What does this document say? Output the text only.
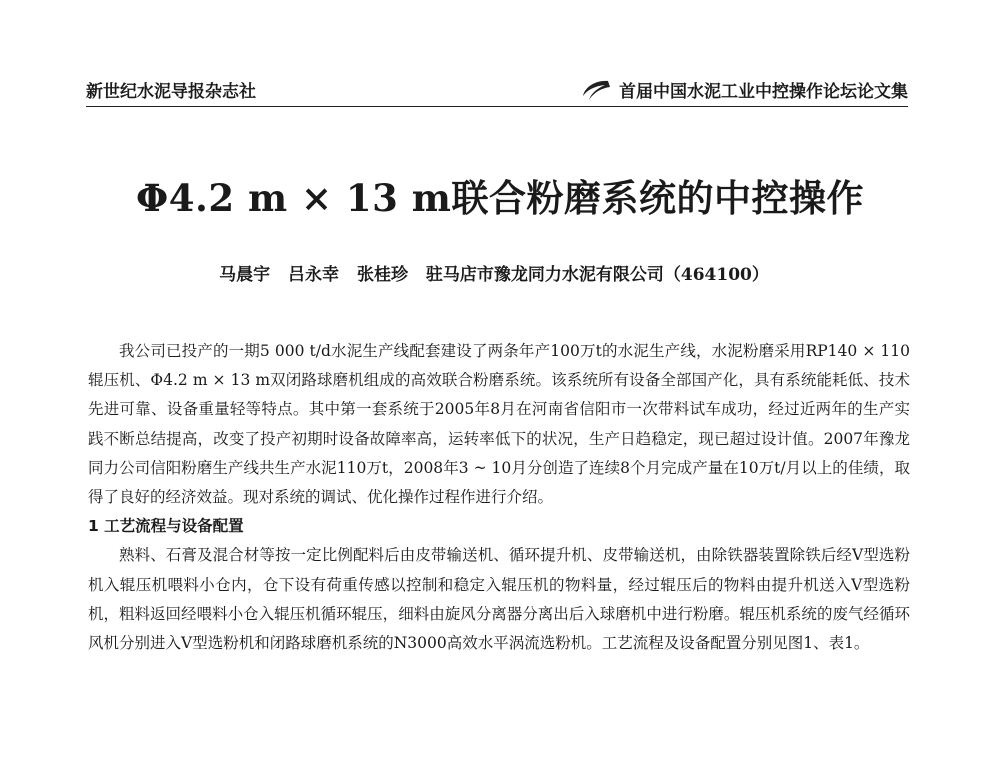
新世纪水泥导报杂志社	首届中国水泥工业中控操作论坛论文集
Φ4.2 m × 13 m联合粉磨系统的中控操作
马晨宇 吕永幸 张桂珍 驻马店市豫龙同力水泥有限公司（464100）

我公司已投产的一期5 000 t/d水泥生产线配套建设了两条年产100万t的水泥生产线，水泥粉磨采用RP140 × 110辊压机、Φ4.2 m × 13 m双闭路球磨机组成的高效联合粉磨系统。该系统所有设备全部国产化，具有系统能耗低、技术先进可靠、设备重量轻等特点。其中第一套系统于2005年8月在河南省信阳市一次带料试车成功，经过近两年的生产实践不断总结提高，改变了投产初期时设备故障率高，运转率低下的状况，生产日趋稳定，现已超过设计值。2007年豫龙同力公司信阳粉磨生产线共生产水泥110万t，2008年3 ~ 10月分创造了连续8个月完成产量在10万t/月以上的佳绩，取得了良好的经济效益。现对系统的调试、优化操作过程作进行介绍。

1 工艺流程与设备配置

熟料、石膏及混合材等按一定比例配料后由皮带输送机、循环提升机、皮带输送机，由除铁器装置除铁后经V型选粉机入辊压机喂料小仓内，仓下设有荷重传感以控制和稳定入辊压机的物料量，经过辊压后的物料由提升机送入V型选粉机，粗料返回经喂料小仓入辊压机循环辊压，细料由旋风分离器分离出后入球磨机中进行粉磨。辊压机系统的废气经循环风机分别进入V型选粉机和闭路球磨机系统的N3000高效水平涡流选粉机。工艺流程及设备配置分别见图1、表1。
